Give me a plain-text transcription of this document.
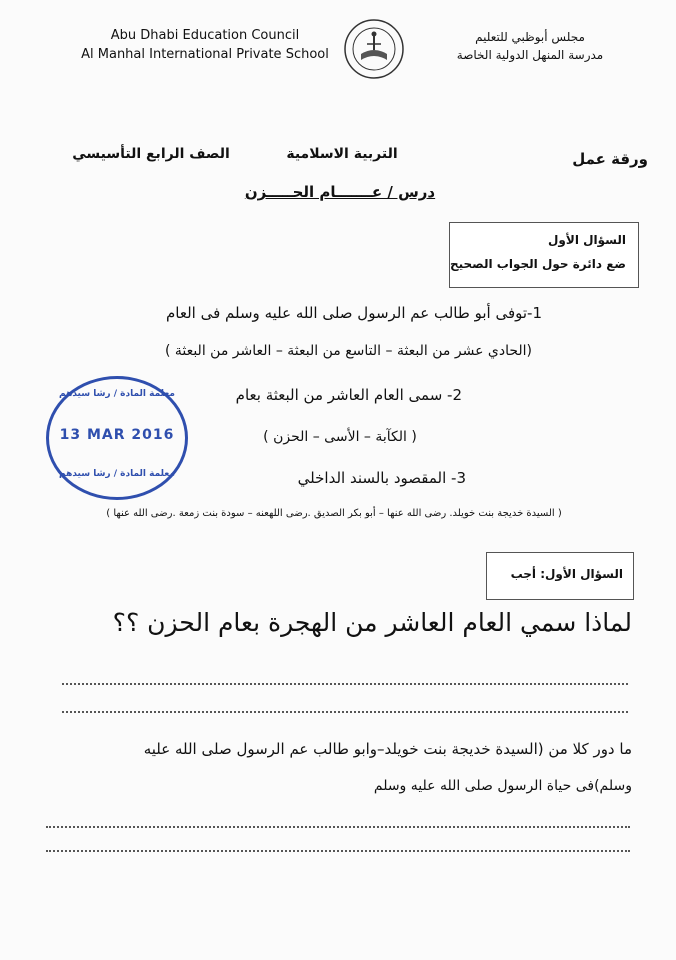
Abu Dhabi Education Council
Al Manhal International Private School
مجلس أبوظبي للتعليم
مدرسة المنهل الدولية الخاصة
ورقة عمل
التربية الاسلامية
الصف الرابع التأسيسي
درس / عـــــــام الحـــــزن
السؤال الأول
ضع دائرة حول الجواب الصحيح
1-توفى أبو طالب عم الرسول صلى الله عليه وسلم فى العام
(الحادي عشر من البعثة – التاسع من البعثة – العاشر من البعثة )
2- سمى العام العاشر من البعثة بعام
( الكآبة – الأسى – الحزن )
3- المقصود بالسند الداخلي
( السيدة خديجة بنت خويلد. رضى الله عنها – أبو بكر الصديق .رضى اللهعنه – سودة بنت زمعة .رضى الله عنها )
معلمة المادة / رشا سيدهم
13 MAR 2016
معلمة المادة / رشا سيدهم
السؤال الأول: أجب
لماذا سمي العام العاشر من الهجرة بعام الحزن ؟؟
ما دور كلا من (السيدة خديجة بنت خويلد–وابو طالب عم الرسول صلى الله عليه
وسلم)فى حياة الرسول صلى الله عليه وسلم
